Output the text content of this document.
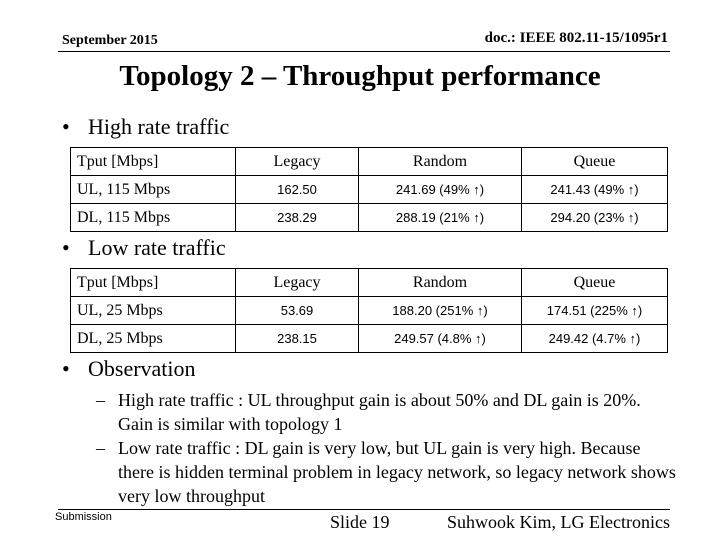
September 2015	doc.: IEEE 802.11-15/1095r1
Topology 2 – Throughput performance
• High rate traffic
Tput [Mbps]	Legacy	Random	Queue
UL, 115 Mbps	162.50	241.69 (49% ↑)	241.43 (49% ↑)
DL, 115 Mbps	238.29	288.19 (21% ↑)	294.20 (23% ↑)
• Low rate traffic
Tput [Mbps]	Legacy	Random	Queue
UL, 25 Mbps	53.69	188.20 (251% ↑)	174.51 (225% ↑)
DL, 25 Mbps	238.15	249.57 (4.8% ↑)	249.42 (4.7% ↑)
• Observation
– High rate traffic : UL throughput gain is about 50% and DL gain is 20%. Gain is similar with topology 1
– Low rate traffic : DL gain is very low, but UL gain is very high. Because there is hidden terminal problem in legacy network, so legacy network shows very low throughput
Submission	Slide 19	Suhwook Kim, LG Electronics
